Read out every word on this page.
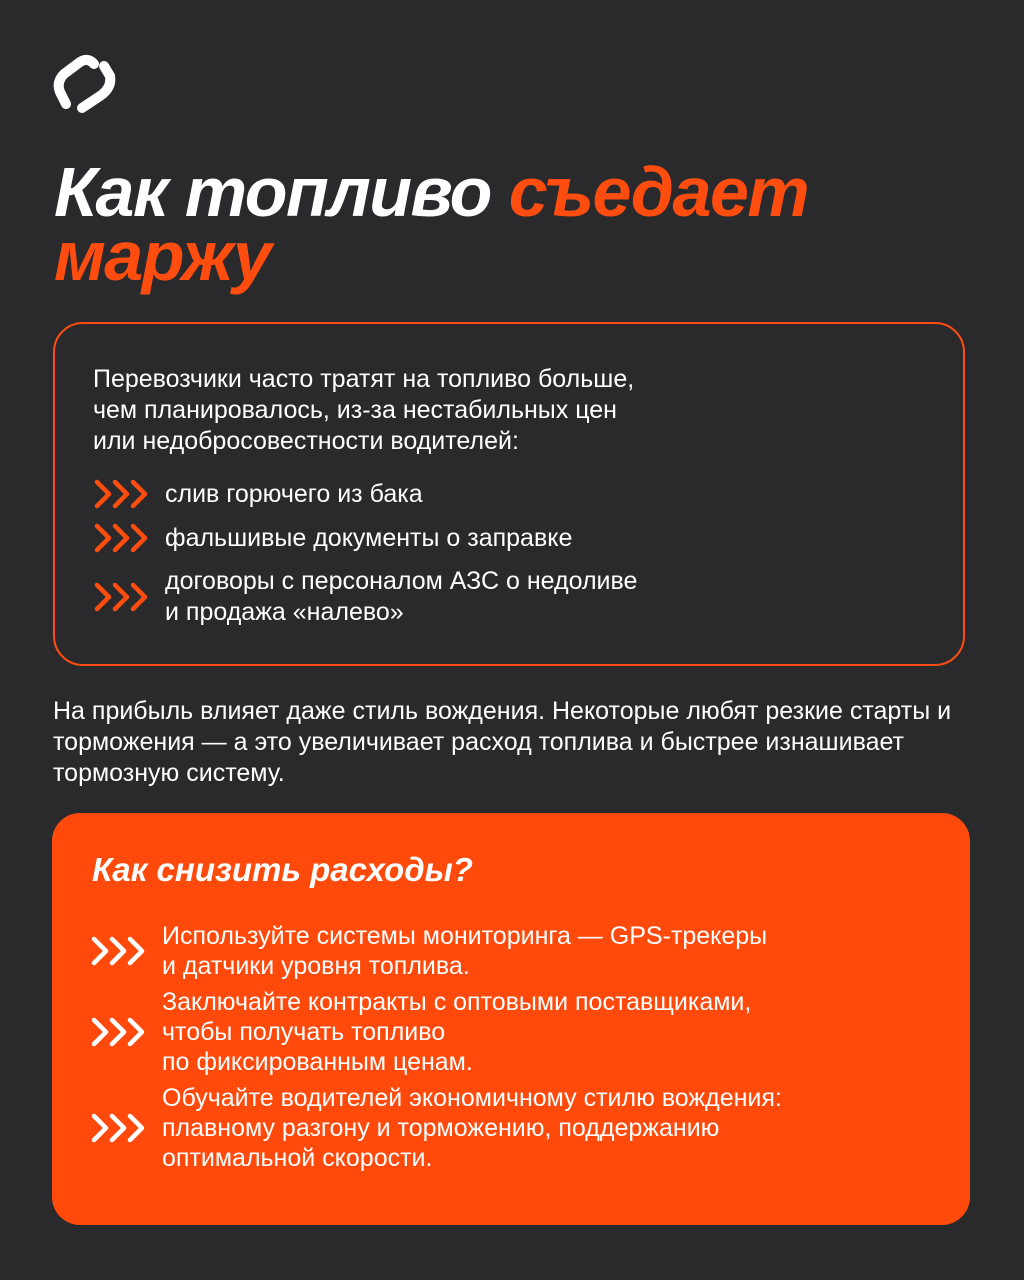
Как топливо съедает маржу

Перевозчики часто тратят на топливо больше,
чем планировалось, из-за нестабильных цен
или недобросовестности водителей:

слив горючего из бака
фальшивые документы о заправке
договоры с персоналом АЗС о недоливе
и продажа «налево»

На прибыль влияет даже стиль вождения. Некоторые любят резкие старты и торможения — а это увеличивает расход топлива и быстрее изнашивает тормозную систему.

Как снизить расходы?
Используйте системы мониторинга — GPS-трекеры
и датчики уровня топлива.
Заключайте контракты с оптовыми поставщиками,
чтобы получать топливо
по фиксированным ценам.
Обучайте водителей экономичному стилю вождения:
плавному разгону и торможению, поддержанию
оптимальной скорости.
